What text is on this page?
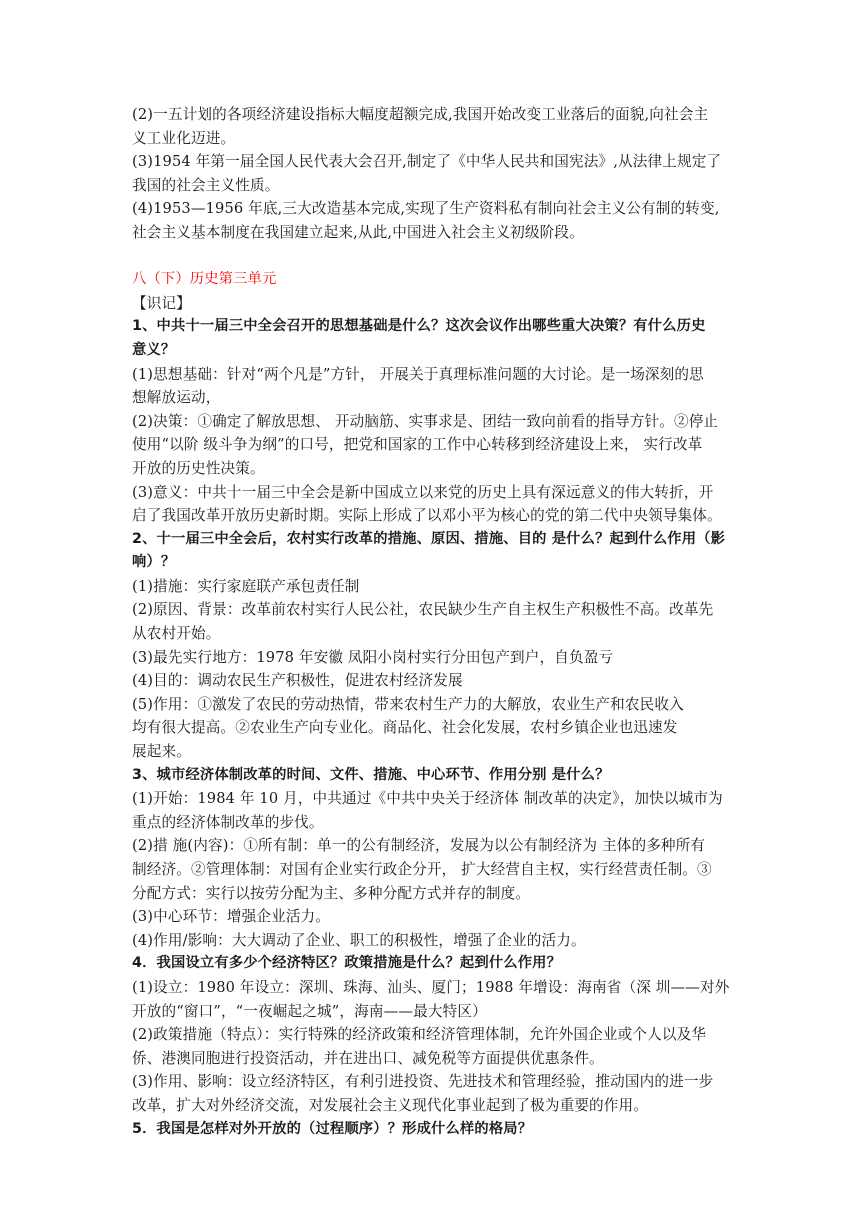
(2)一五计划的各项经济建设指标大幅度超额完成,我国开始改变工业落后的面貌,向社会主
义工业化迈进。
(3)1954 年第一届全国人民代表大会召开,制定了《中华人民共和国宪法》,从法律上规定了
我国的社会主义性质。
(4)1953—1956 年底,三大改造基本完成,实现了生产资料私有制向社会主义公有制的转变,
社会主义基本制度在我国建立起来,从此,中国进入社会主义初级阶段。
八（下）历史第三单元
【识记】
1、中共十一届三中全会召开的思想基础是什么？这次会议作出哪些重大决策？有什么历史
意义？
(1)思想基础：针对“两个凡是”方针， 开展关于真理标准问题的大讨论。是一场深刻的思
想解放运动，
(2)决策：①确定了解放思想、 开动脑筋、实事求是、团结一致向前看的指导方针。②停止
使用“以阶 级斗争为纲”的口号，把党和国家的工作中心转移到经济建设上来， 实行改革
开放的历史性决策。
(3)意义：中共十一届三中全会是新中国成立以来党的历史上具有深远意义的伟大转折，开
启了我国改革开放历史新时期。实际上形成了以邓小平为核心的党的第二代中央领导集体。
2、十一届三中全会后，农村实行改革的措施、原因、措施、目的 是什么？起到什么作用（影
响）？
(1)措施：实行家庭联产承包责任制
(2)原因、背景：改革前农村实行人民公社，农民缺少生产自主权生产积极性不高。改革先
从农村开始。
(3)最先实行地方：1978 年安徽 凤阳小岗村实行分田包产到户，自负盈亏
(4)目的：调动农民生产积极性，促进农村经济发展
(5)作用：①激发了农民的劳动热情，带来农村生产力的大解放，农业生产和农民收入
均有很大提高。②农业生产向专业化。商品化、社会化发展，农村乡镇企业也迅速发
展起来。
3、城市经济体制改革的时间、文件、措施、中心环节、作用分别 是什么？
(1)开始：1984 年 10 月，中共通过《中共中央关于经济体 制改革的决定》，加快以城市为
重点的经济体制改革的步伐。
(2)措 施(内容)：①所有制：单一的公有制经济，发展为以公有制经济为 主体的多种所有
制经济。②管理体制：对国有企业实行政企分开， 扩大经营自主权，实行经营责任制。③
分配方式：实行以按劳分配为主、多种分配方式并存的制度。
(3)中心环节：增强企业活力。
(4)作用/影响：大大调动了企业、职工的积极性，增强了企业的活力。
4．我国设立有多少个经济特区？政策措施是什么？起到什么作用？
(1)设立：1980 年设立：深圳、珠海、汕头、厦门；1988 年增设：海南省（深 圳——对外
开放的“窗口”，“一夜崛起之城”，海南——最大特区）
(2)政策措施（特点）：实行特殊的经济政策和经济管理体制，允许外国企业或个人以及华
侨、港澳同胞进行投资活动，并在进出口、减免税等方面提供优惠条件。
(3)作用、影响：设立经济特区，有利引进投资、先进技术和管理经验，推动国内的进一步
改革，扩大对外经济交流，对发展社会主义现代化事业起到了极为重要的作用。
5．我国是怎样对外开放的（过程顺序）？形成什么样的格局？
